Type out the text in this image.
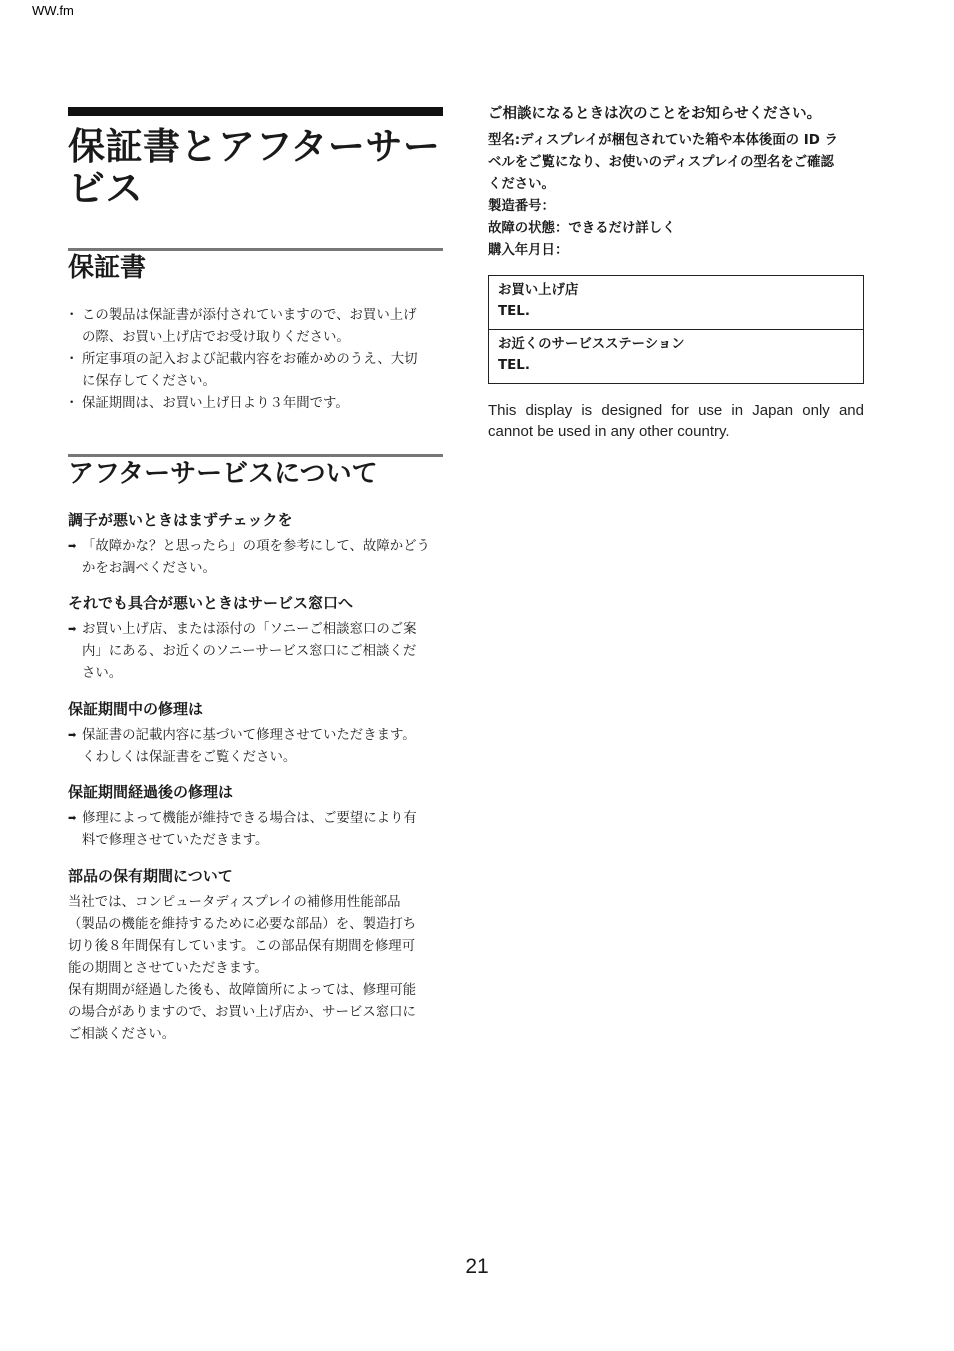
WW.fm
保証書とアフターサー
ビス
保証書
・ この製品は保証書が添付されていますので、お買い上げ
の際、お買い上げ店でお受け取りください。
・ 所定事項の記入および記載内容をお確かめのうえ、大切
に保存してください。
・ 保証期間は、お買い上げ日より３年間です。
アフターサービスについて
調子が悪いときはまずチェックを
➡ 「故障かな？と思ったら」の項を参考にして、故障かどう
かをお調べください。
それでも具合が悪いときはサービス窓口へ
➡ お買い上げ店、または添付の「ソニーご相談窓口のご案
内」にある、お近くのソニーサービス窓口にご相談くだ
さい。
保証期間中の修理は
➡ 保証書の記載内容に基づいて修理させていただきます。
くわしくは保証書をご覧ください。
保証期間経過後の修理は
➡ 修理によって機能が維持できる場合は、ご要望により有
料で修理させていただきます。
部品の保有期間について

当社では、コンピュータディスプレイの補修用性能部品
（製品の機能を維持するために必要な部品）を、製造打ち
切り後８年間保有しています。この部品保有期間を修理可
能の期間とさせていただきます。

保有期間が経過した後も、故障箇所によっては、修理可能
の場合がありますので、お買い上げ店か、サービス窓口に
ご相談ください。

ご相談になるときは次のことをお知らせください。
型名:ディスプレイが梱包されていた箱や本体後面の ID ラ
ベルをご覧になり、お使いのディスプレイの型名をご確認
ください。
製造番号：
故障の状態：できるだけ詳しく
購入年月日：
お買い上げ店
TEL.
お近くのサービスステーション
TEL.
This display is designed for use in Japan only and cannot be used in any other country.
21
